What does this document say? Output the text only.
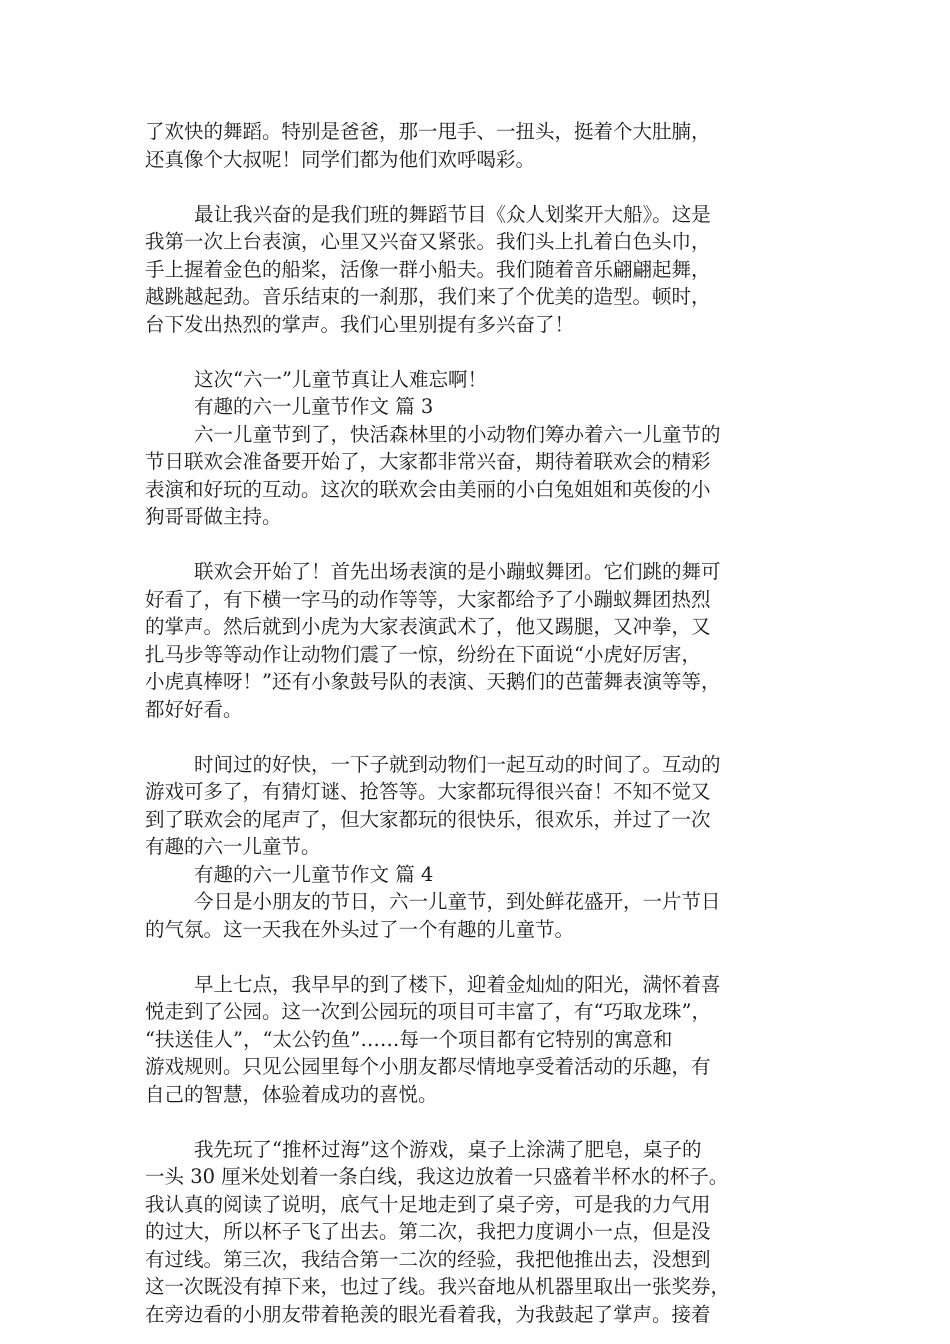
了欢快的舞蹈。特别是爸爸，那一甩手、一扭头，挺着个大肚腩，
还真像个大叔呢！同学们都为他们欢呼喝彩。
最让我兴奋的是我们班的舞蹈节目《众人划桨开大船》。这是
我第一次上台表演，心里又兴奋又紧张。我们头上扎着白色头巾，
手上握着金色的船桨，活像一群小船夫。我们随着音乐翩翩起舞，
越跳越起劲。音乐结束的一刹那，我们来了个优美的造型。顿时，
台下发出热烈的掌声。我们心里别提有多兴奋了！
这次“六一”儿童节真让人难忘啊！
有趣的六一儿童节作文 篇 3
六一儿童节到了，快活森林里的小动物们筹办着六一儿童节的
节日联欢会准备要开始了，大家都非常兴奋，期待着联欢会的精彩
表演和好玩的互动。这次的联欢会由美丽的小白兔姐姐和英俊的小
狗哥哥做主持。
联欢会开始了！首先出场表演的是小蹦蚁舞团。它们跳的舞可
好看了，有下横一字马的动作等等，大家都给予了小蹦蚁舞团热烈
的掌声。然后就到小虎为大家表演武术了，他又踢腿，又冲拳，又
扎马步等等动作让动物们震了一惊，纷纷在下面说“小虎好厉害，
小虎真棒呀！”还有小象鼓号队的表演、天鹅们的芭蕾舞表演等等，
都好好看。
时间过的好快，一下子就到动物们一起互动的时间了。互动的
游戏可多了，有猜灯谜、抢答等。大家都玩得很兴奋！不知不觉又
到了联欢会的尾声了，但大家都玩的很快乐，很欢乐，并过了一次
有趣的六一儿童节。
有趣的六一儿童节作文 篇 4
今日是小朋友的节日，六一儿童节，到处鲜花盛开，一片节日
的气氛。这一天我在外头过了一个有趣的儿童节。
早上七点，我早早的到了楼下，迎着金灿灿的阳光，满怀着喜
悦走到了公园。这一次到公园玩的项目可丰富了，有“巧取龙珠”，
“扶送佳人”，“太公钓鱼”……每一个项目都有它特别的寓意和
游戏规则。只见公园里每个小朋友都尽情地享受着活动的乐趣，有
自己的智慧，体验着成功的喜悦。
我先玩了“推杯过海”这个游戏，桌子上涂满了肥皂，桌子的
一头 30 厘米处划着一条白线，我这边放着一只盛着半杯水的杯子。
我认真的阅读了说明，底气十足地走到了桌子旁，可是我的力气用
的过大，所以杯子飞了出去。第二次，我把力度调小一点，但是没
有过线。第三次，我结合第一二次的经验，我把他推出去，没想到
这一次既没有掉下来，也过了线。我兴奋地从机器里取出一张奖券，
在旁边看的小朋友带着艳羡的眼光看着我，为我鼓起了掌声。接着
